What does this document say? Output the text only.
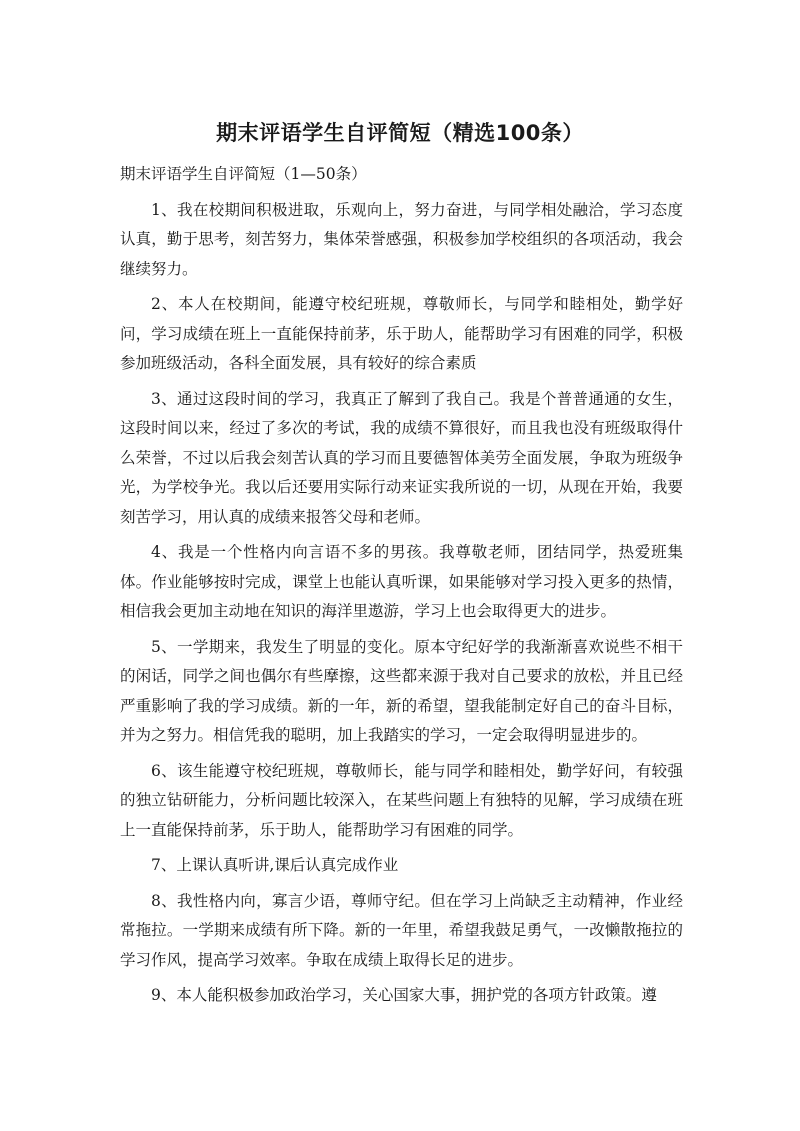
期末评语学生自评简短（精选100条）
期末评语学生自评简短（1—50条）

1、我在校期间积极进取，乐观向上，努力奋进，与同学相处融洽，学习态度认真，勤于思考，刻苦努力，集体荣誉感强，积极参加学校组织的各项活动，我会继续努力。

2、本人在校期间，能遵守校纪班规，尊敬师长，与同学和睦相处，勤学好问，学习成绩在班上一直能保持前茅，乐于助人，能帮助学习有困难的同学，积极参加班级活动，各科全面发展，具有较好的综合素质

3、通过这段时间的学习，我真正了解到了我自己。我是个普普通通的女生，这段时间以来，经过了多次的考试，我的成绩不算很好，而且我也没有班级取得什么荣誉，不过以后我会刻苦认真的学习而且要德智体美劳全面发展，争取为班级争光，为学校争光。我以后还要用实际行动来证实我所说的一切，从现在开始，我要刻苦学习，用认真的成绩来报答父母和老师。

4、我是一个性格内向言语不多的男孩。我尊敬老师，团结同学，热爱班集体。作业能够按时完成，课堂上也能认真听课，如果能够对学习投入更多的热情，相信我会更加主动地在知识的海洋里遨游，学习上也会取得更大的进步。

5、一学期来，我发生了明显的变化。原本守纪好学的我渐渐喜欢说些不相干的闲话，同学之间也偶尔有些摩擦，这些都来源于我对自己要求的放松，并且已经严重影响了我的学习成绩。新的一年，新的希望，望我能制定好自己的奋斗目标，并为之努力。相信凭我的聪明，加上我踏实的学习，一定会取得明显进步的。

6、该生能遵守校纪班规，尊敬师长，能与同学和睦相处，勤学好问，有较强的独立钻研能力，分析问题比较深入，在某些问题上有独特的见解，学习成绩在班上一直能保持前茅，乐于助人，能帮助学习有困难的同学。

7、上课认真听讲,课后认真完成作业

8、我性格内向，寡言少语，尊师守纪。但在学习上尚缺乏主动精神，作业经常拖拉。一学期来成绩有所下降。新的一年里，希望我鼓足勇气，一改懒散拖拉的学习作风，提高学习效率。争取在成绩上取得长足的进步。

9、本人能积极参加政治学习，关心国家大事，拥护党的各项方针政策。遵
